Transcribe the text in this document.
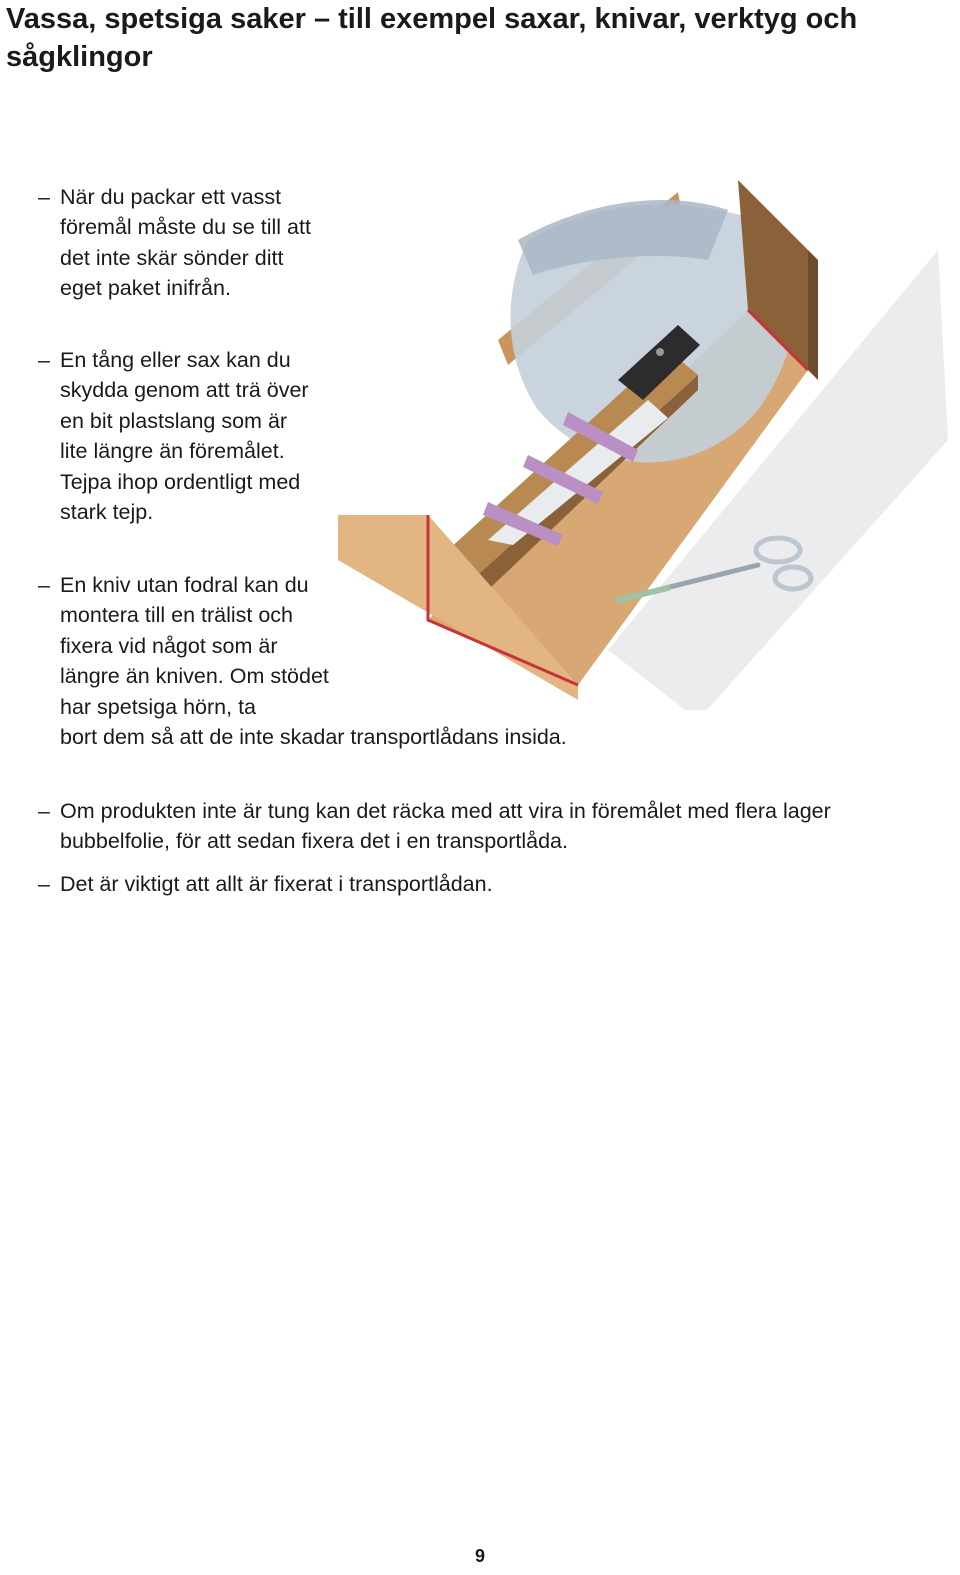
Vassa, spetsiga saker – till exempel saxar, knivar, verktyg och sågklingor
– När du packar ett vasst föremål måste du se till att det inte skär sönder ditt eget paket inifrån.
– En tång eller sax kan du skydda genom att trä över en bit plastslang som är lite längre än föremålet. Tejpa ihop ordentligt med stark tejp.
– En kniv utan fodral kan du montera till en trälist och fixera vid något som är längre än kniven. Om stödet har spetsiga hörn, ta bort dem så att de inte skadar transportlådans insida.
– Om produkten inte är tung kan det räcka med att vira in föremålet med flera lager bubbelfolie, för att sedan fixera det i en transportlåda.
– Det är viktigt att allt är fixerat i transportlådan.
9
